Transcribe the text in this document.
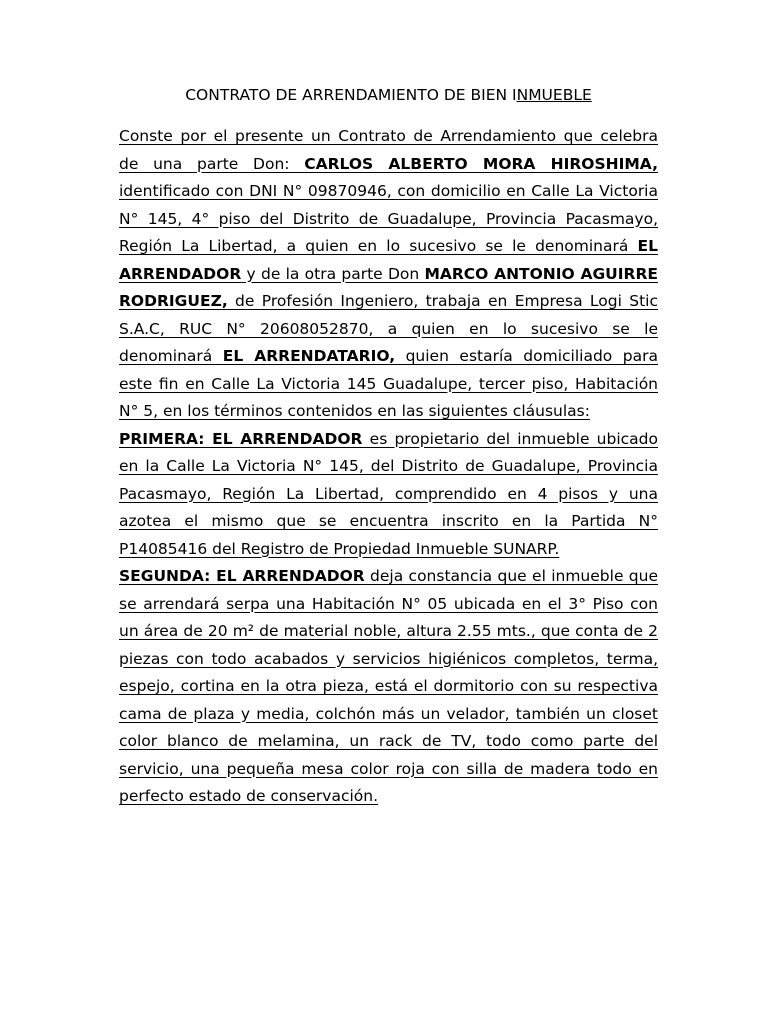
CONTRATO DE ARRENDAMIENTO DE BIEN INMUEBLE

Conste por el presente un Contrato de Arrendamiento que celebra de una parte Don: CARLOS ALBERTO MORA HIROSHIMA, identificado con DNI N° 09870946, con domicilio en Calle La Victoria N° 145, 4° piso del Distrito de Guadalupe, Provincia Pacasmayo, Región La Libertad, a quien en lo sucesivo se le denominará EL ARRENDADOR y de la otra parte Don MARCO ANTONIO AGUIRRE RODRIGUEZ, de Profesión Ingeniero, trabaja en Empresa Logi Stic S.A.C, RUC N° 20608052870, a quien en lo sucesivo se le denominará EL ARRENDATARIO, quien estaría domiciliado para este fin en Calle La Victoria 145 Guadalupe, tercer piso, Habitación N° 5, en los términos contenidos en las siguientes cláusulas:

PRIMERA: EL ARRENDADOR es propietario del inmueble ubicado en la Calle La Victoria N° 145, del Distrito de Guadalupe, Provincia Pacasmayo, Región La Libertad, comprendido en 4 pisos y una azotea el mismo que se encuentra inscrito en la Partida N° P14085416 del Registro de Propiedad Inmueble SUNARP.

SEGUNDA: EL ARRENDADOR deja constancia que el inmueble que se arrendará serpa una Habitación N° 05 ubicada en el 3° Piso con un área de 20 m² de material noble, altura 2.55 mts., que conta de 2 piezas con todo acabados y servicios higiénicos completos, terma, espejo, cortina en la otra pieza, está el dormitorio con su respectiva cama de plaza y media, colchón más un velador, también un closet color blanco de melamina, un rack de TV, todo como parte del servicio, una pequeña mesa color roja con silla de madera todo en perfecto estado de conservación.
